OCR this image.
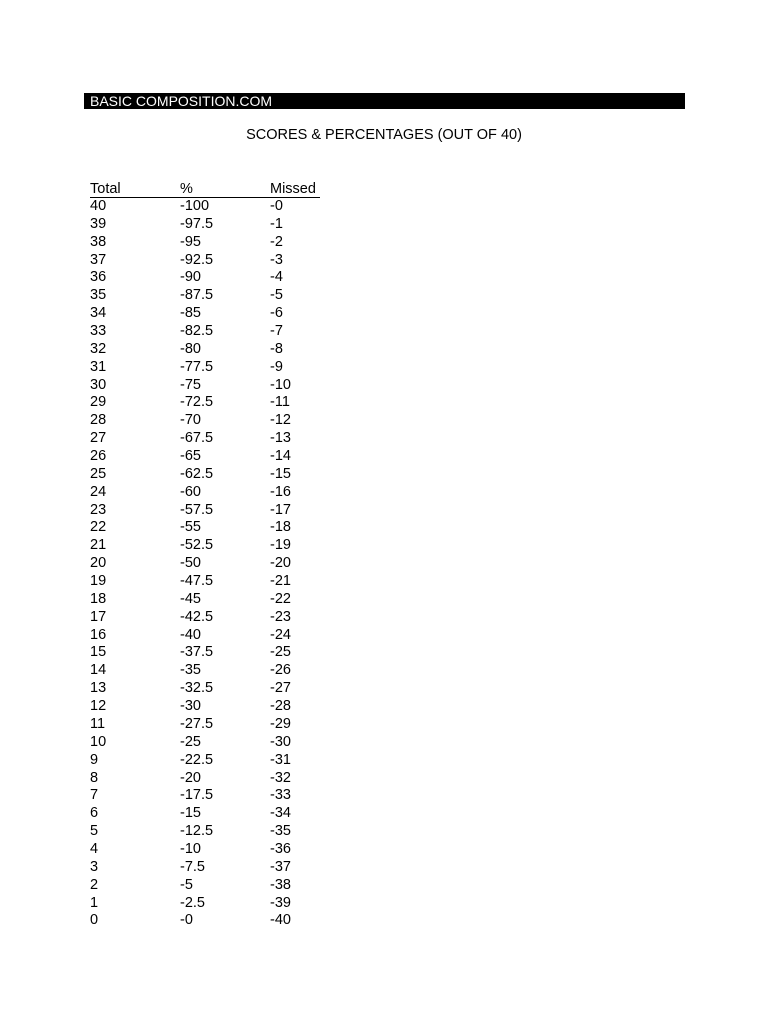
BASIC COMPOSITION.COM
SCORES & PERCENTAGES (OUT OF 40)
Total	%	Missed
40	-100	-0
39	-97.5	-1
38	-95	-2
37	-92.5	-3
36	-90	-4
35	-87.5	-5
34	-85	-6
33	-82.5	-7
32	-80	-8
31	-77.5	-9
30	-75	-10
29	-72.5	-11
28	-70	-12
27	-67.5	-13
26	-65	-14
25	-62.5	-15
24	-60	-16
23	-57.5	-17
22	-55	-18
21	-52.5	-19
20	-50	-20
19	-47.5	-21
18	-45	-22
17	-42.5	-23
16	-40	-24
15	-37.5	-25
14	-35	-26
13	-32.5	-27
12	-30	-28
11	-27.5	-29
10	-25	-30
9	-22.5	-31
8	-20	-32
7	-17.5	-33
6	-15	-34
5	-12.5	-35
4	-10	-36
3	-7.5	-37
2	-5	-38
1	-2.5	-39
0	-0	-40
